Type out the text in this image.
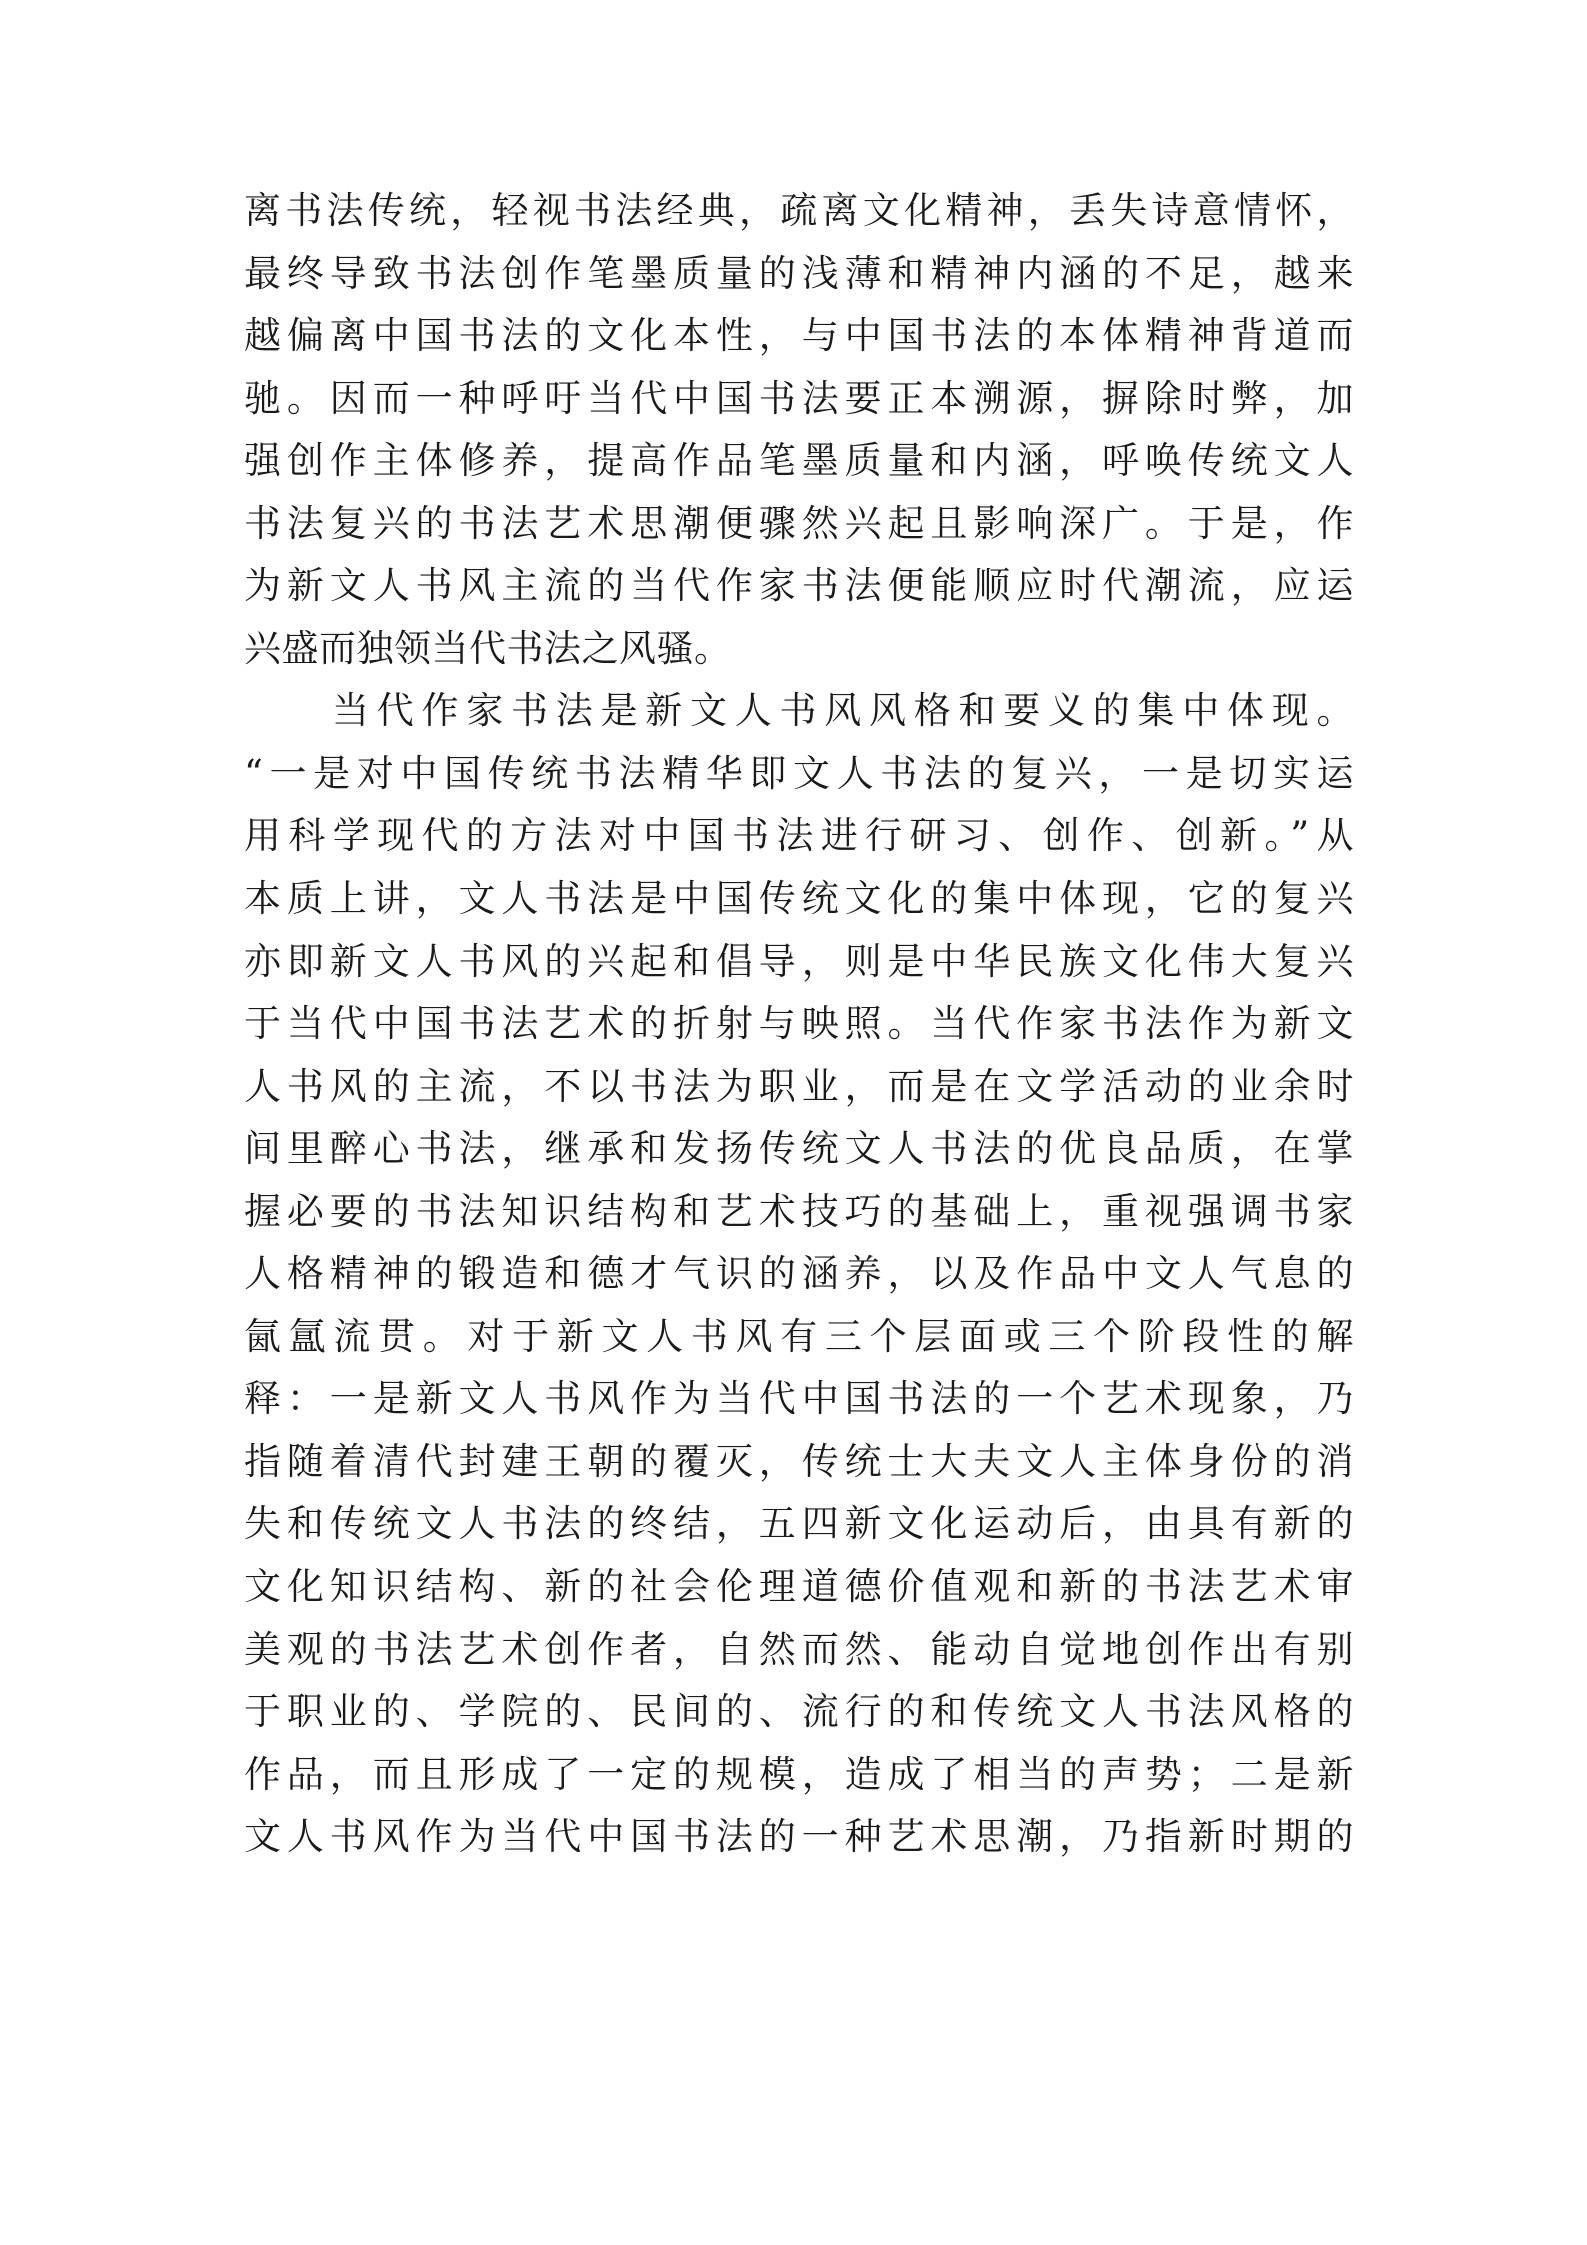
离书法传统，轻视书法经典，疏离文化精神，丢失诗意情怀，
最终导致书法创作笔墨质量的浅薄和精神内涵的不足，越来
越偏离中国书法的文化本性，与中国书法的本体精神背道而
驰。因而一种呼吁当代中国书法要正本溯源，摒除时弊，加
强创作主体修养，提高作品笔墨质量和内涵，呼唤传统文人
书法复兴的书法艺术思潮便骤然兴起且影响深广。于是，作
为新文人书风主流的当代作家书法便能顺应时代潮流，应运
兴盛而独领当代书法之风骚。
当代作家书法是新文人书风风格和要义的集中体现。
“一是对中国传统书法精华即文人书法的复兴，一是切实运
用科学现代的方法对中国书法进行研习、创作、创新。”从
本质上讲，文人书法是中国传统文化的集中体现，它的复兴
亦即新文人书风的兴起和倡导，则是中华民族文化伟大复兴
于当代中国书法艺术的折射与映照。当代作家书法作为新文
人书风的主流，不以书法为职业，而是在文学活动的业余时
间里醉心书法，继承和发扬传统文人书法的优良品质，在掌
握必要的书法知识结构和艺术技巧的基础上，重视强调书家
人格精神的锻造和德才气识的涵养，以及作品中文人气息的
氤氲流贯。对于新文人书风有三个层面或三个阶段性的解
释：一是新文人书风作为当代中国书法的一个艺术现象，乃
指随着清代封建王朝的覆灭，传统士大夫文人主体身份的消
失和传统文人书法的终结，五四新文化运动后，由具有新的
文化知识结构、新的社会伦理道德价值观和新的书法艺术审
美观的书法艺术创作者，自然而然、能动自觉地创作出有别
于职业的、学院的、民间的、流行的和传统文人书法风格的
作品，而且形成了一定的规模，造成了相当的声势；二是新
文人书风作为当代中国书法的一种艺术思潮，乃指新时期的
